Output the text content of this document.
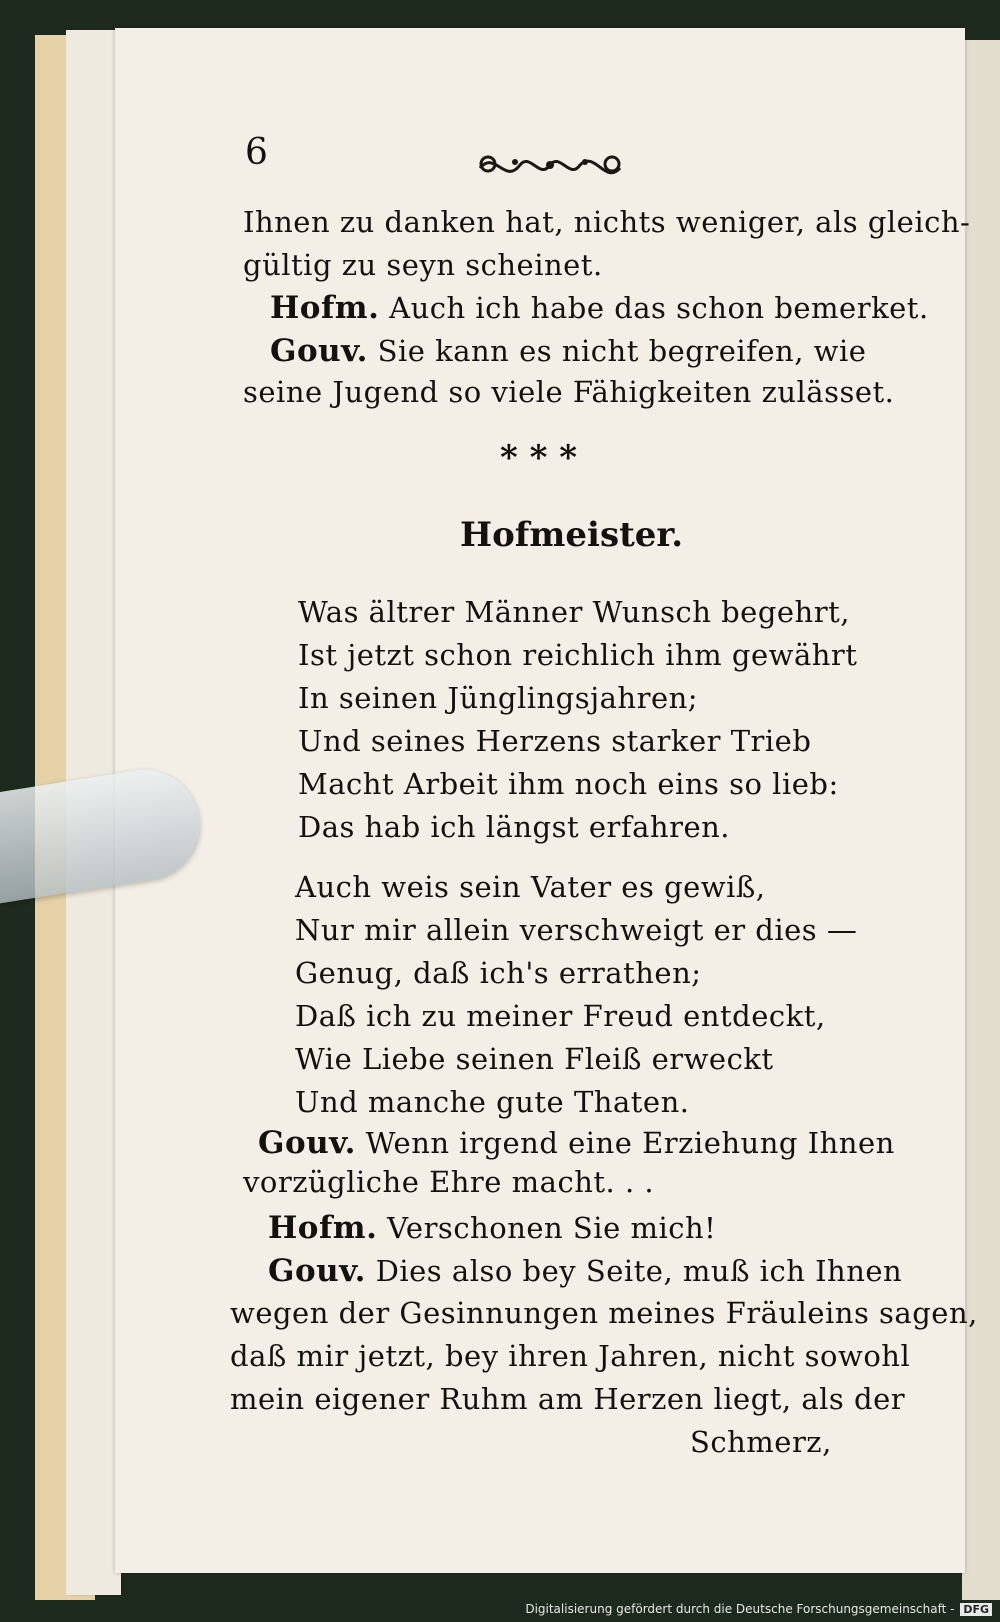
6
Ihnen zu danken hat, nichts weniger, als gleich-
gültig zu seyn scheinet.
Hofm. Auch ich habe das schon bemerket.
Gouv. Sie kann es nicht begreifen, wie
seine Jugend so viele Fähigkeiten zulässet.
* * *
Hofmeister.
Was ältrer Männer Wunsch begehrt,
Ist jetzt schon reichlich ihm gewährt
In seinen Jünglingsjahren;
Und seines Herzens starker Trieb
Macht Arbeit ihm noch eins so lieb:
Das hab ich längst erfahren.
Auch weis sein Vater es gewiß,
Nur mir allein verschweigt er dies —
Genug, daß ich's errathen;
Daß ich zu meiner Freud entdeckt,
Wie Liebe seinen Fleiß erweckt
Und manche gute Thaten.
Gouv. Wenn irgend eine Erziehung Ihnen
vorzügliche Ehre macht. . .
Hofm. Verschonen Sie mich!
Gouv. Dies also bey Seite, muß ich Ihnen
wegen der Gesinnungen meines Fräuleins sagen,
daß mir jetzt, bey ihren Jahren, nicht sowohl
mein eigener Ruhm am Herzen liegt, als der
Schmerz,
Digitalisierung gefördert durch die Deutsche Forschungsgemeinschaft - DFG
